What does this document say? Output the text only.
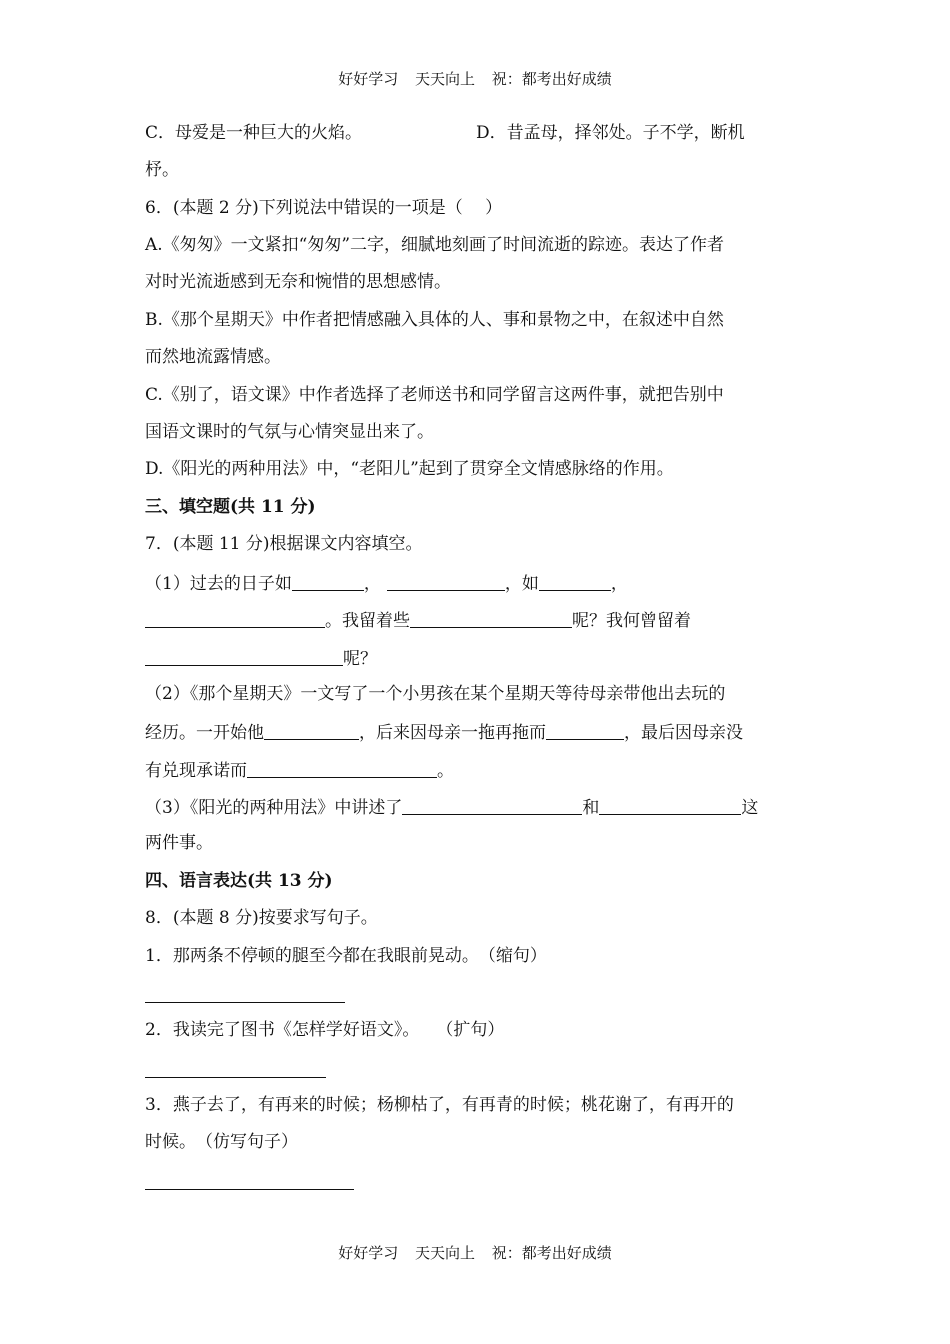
好好学习 天天向上 祝：都考出好成绩
C．母爱是一种巨大的火焰。	D．昔孟母，择邻处。子不学，断机
杼。
6．(本题 2 分)下列说法中错误的一项是（　 ）
A.《匆匆》一文紧扣“匆匆”二字，细腻地刻画了时间流逝的踪迹。表达了作者
对时光流逝感到无奈和惋惜的思想感情。
B.《那个星期天》中作者把情感融入具体的人、事和景物之中，在叙述中自然
而然地流露情感。
C.《别了，语文课》中作者选择了老师送书和同学留言这两件事，就把告别中
国语文课时的气氛与心情突显出来了。
D.《阳光的两种用法》中，“老阳儿”起到了贯穿全文情感脉络的作用。
三、填空题(共 11 分)
7．(本题 11 分)根据课文内容填空。
（1）过去的日子如	，	，如	，
。我留着些	呢？我何曾留着
呢？
（2）《那个星期天》一文写了一个小男孩在某个星期天等待母亲带他出去玩的
经历。一开始他	，后来因母亲一拖再拖而	，最后因母亲没
有兑现承诺而	。
（3）《阳光的两种用法》中讲述了	和	这
两件事。
四、语言表达(共 13 分)
8．(本题 8 分)按要求写句子。
1．那两条不停顿的腿至今都在我眼前晃动。　（缩句）
2．我读完了图书《怎样学好语文》。　　（扩句）
3．燕子去了，有再来的时候；杨柳枯了，有再青的时候；桃花谢了，有再开的
时候。　（仿写句子）
好好学习 天天向上 祝：都考出好成绩
